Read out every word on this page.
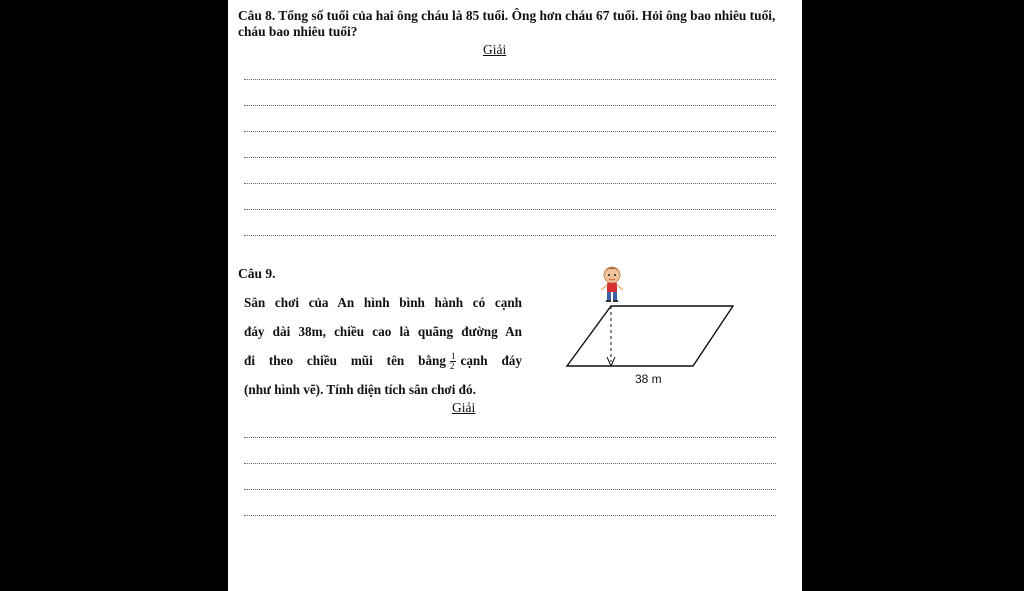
Câu 8. Tổng số tuổi của hai ông cháu là 85 tuổi. Ông hơn cháu 67 tuổi. Hỏi ông bao nhiêu tuổi, cháu bao nhiêu tuổi?
Giải
Câu 9.
Sân chơi của An hình bình hành có cạnh
đáy dài 38m, chiều cao là quãng đường An
đi theo chiều mũi tên bằng $\frac{1}{2}$ cạnh đáy
(như hình vẽ). Tính diện tích sân chơi đó.
38 m
Giải
